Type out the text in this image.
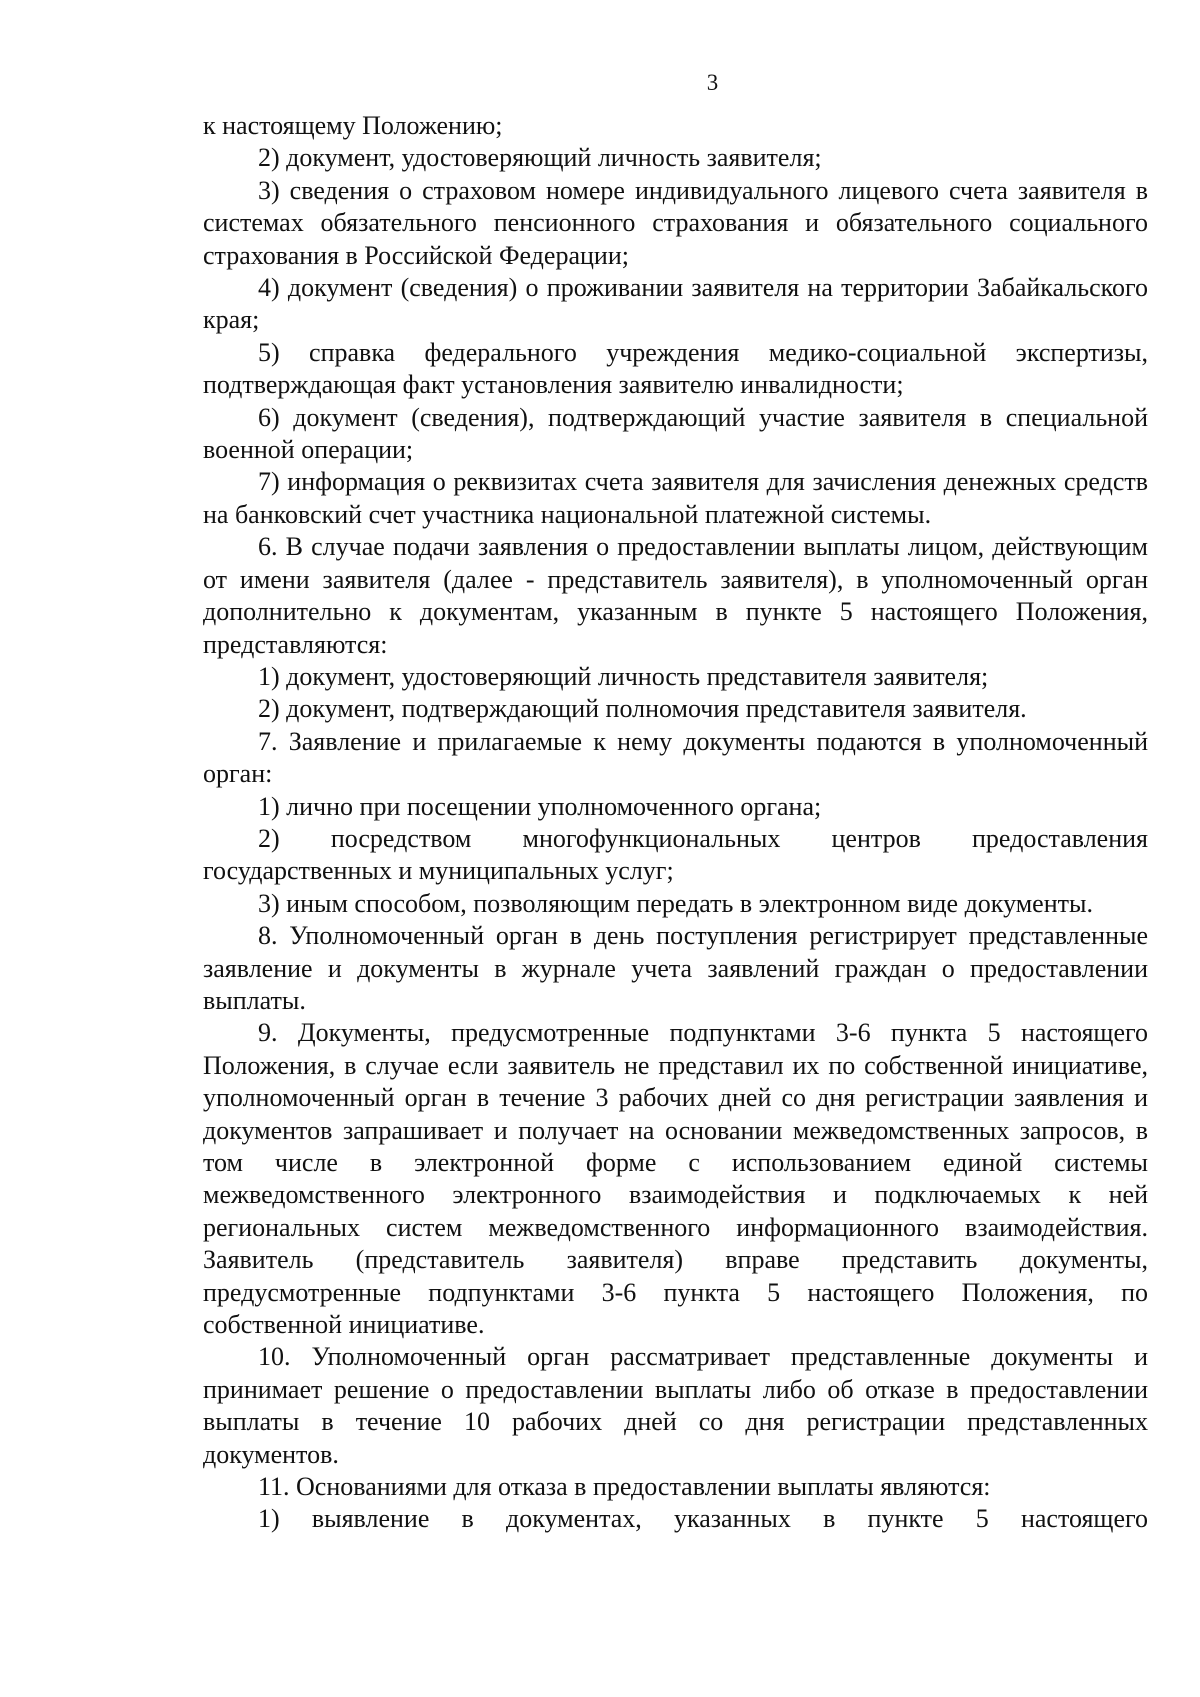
3

к настоящему Положению;

2) документ, удостоверяющий личность заявителя;

3) сведения о страховом номере индивидуального лицевого счета заявителя в системах обязательного пенсионного страхования и обязательного социального страхования в Российской Федерации;

4) документ (сведения) о проживании заявителя на территории Забайкальского края;

5) справка федерального учреждения медико-социальной экспертизы, подтверждающая факт установления заявителю инвалидности;

6) документ (сведения), подтверждающий участие заявителя в специальной военной операции;

7) информация о реквизитах счета заявителя для зачисления денежных средств на банковский счет участника национальной платежной системы.

6. В случае подачи заявления о предоставлении выплаты лицом, действующим от имени заявителя (далее - представитель заявителя), в уполномоченный орган дополнительно к документам, указанным в пункте 5 настоящего Положения, представляются:

1) документ, удостоверяющий личность представителя заявителя;

2) документ, подтверждающий полномочия представителя заявителя.

7. Заявление и прилагаемые к нему документы подаются в уполномоченный орган:

1) лично при посещении уполномоченного органа;

2) посредством многофункциональных центров предоставления государственных и муниципальных услуг;

3) иным способом, позволяющим передать в электронном виде документы.

8. Уполномоченный орган в день поступления регистрирует представленные заявление и документы в журнале учета заявлений граждан о предоставлении выплаты.

9. Документы, предусмотренные подпунктами 3-6 пункта 5 настоящего Положения, в случае если заявитель не представил их по собственной инициативе, уполномоченный орган в течение 3 рабочих дней со дня регистрации заявления и документов запрашивает и получает на основании межведомственных запросов, в том числе в электронной форме с использованием единой системы межведомственного электронного взаимодействия и подключаемых к ней региональных систем межведомственного информационного взаимодействия. Заявитель (представитель заявителя) вправе представить документы, предусмотренные подпунктами 3-6 пункта 5 настоящего Положения, по собственной инициативе.

10. Уполномоченный орган рассматривает представленные документы и принимает решение о предоставлении выплаты либо об отказе в предоставлении выплаты в течение 10 рабочих дней со дня регистрации представленных документов.

11. Основаниями для отказа в предоставлении выплаты являются:

1) выявление в документах, указанных в пункте 5 настоящего
